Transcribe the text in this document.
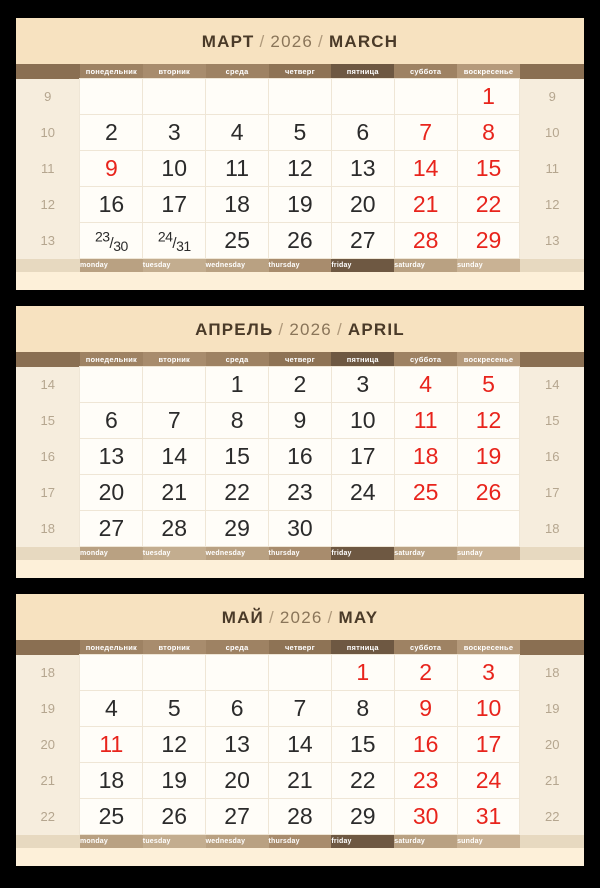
МАРТ / 2026 / MARCH
	понедельник	вторник	среда	четверг	пятница	суббота	воскресенье	
9							1	9
10	2	3	4	5	6	7	8	10
11	9	10	11	12	13	14	15	11
12	16	17	18	19	20	21	22	12
13	$^{23}/_{30}$	$^{24}/_{31}$	25	26	27	28	29	13
	monday	tuesday	wednesday	thursday	friday	saturday	sunday	
АПРЕЛЬ / 2026 / APRIL
	понедельник	вторник	среда	четверг	пятница	суббота	воскресенье	
14			1	2	3	4	5	14
15	6	7	8	9	10	11	12	15
16	13	14	15	16	17	18	19	16
17	20	21	22	23	24	25	26	17
18	27	28	29	30				18
	monday	tuesday	wednesday	thursday	friday	saturday	sunday	
МАЙ / 2026 / MAY
	понедельник	вторник	среда	четверг	пятница	суббота	воскресенье	
18					1	2	3	18
19	4	5	6	7	8	9	10	19
20	11	12	13	14	15	16	17	20
21	18	19	20	21	22	23	24	21
22	25	26	27	28	29	30	31	22
	monday	tuesday	wednesday	thursday	friday	saturday	sunday	
